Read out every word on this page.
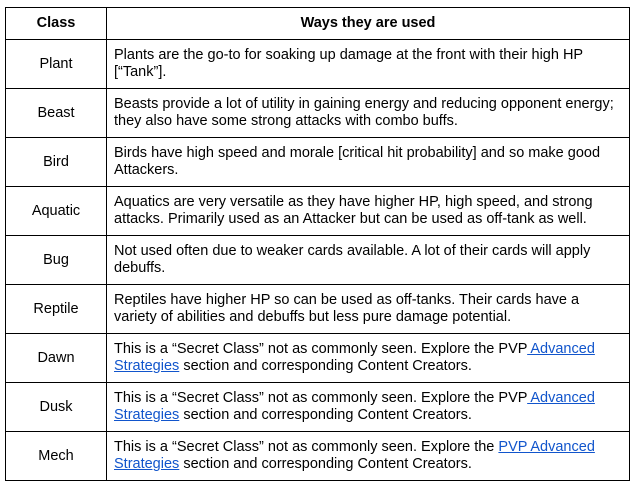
Class	Ways they are used
Plant	Plants are the go-to for soaking up damage at the front with their high HP [“Tank”].
Beast	Beasts provide a lot of utility in gaining energy and reducing opponent energy; they also have some strong attacks with combo buffs.
Bird	Birds have high speed and morale [critical hit probability] and so make good Attackers.
Aquatic	Aquatics are very versatile as they have higher HP, high speed, and strong attacks. Primarily used as an Attacker but can be used as off-tank as well.
Bug	Not used often due to weaker cards available. A lot of their cards will apply debuffs.
Reptile	Reptiles have higher HP so can be used as off-tanks. Their cards have a variety of abilities and debuffs but less pure damage potential.
Dawn	This is a “Secret Class” not as commonly seen. Explore the PVP Advanced Strategies section and corresponding Content Creators.
Dusk	This is a “Secret Class” not as commonly seen. Explore the PVP Advanced Strategies section and corresponding Content Creators.
Mech	This is a “Secret Class” not as commonly seen. Explore the PVP Advanced Strategies section and corresponding Content Creators.
